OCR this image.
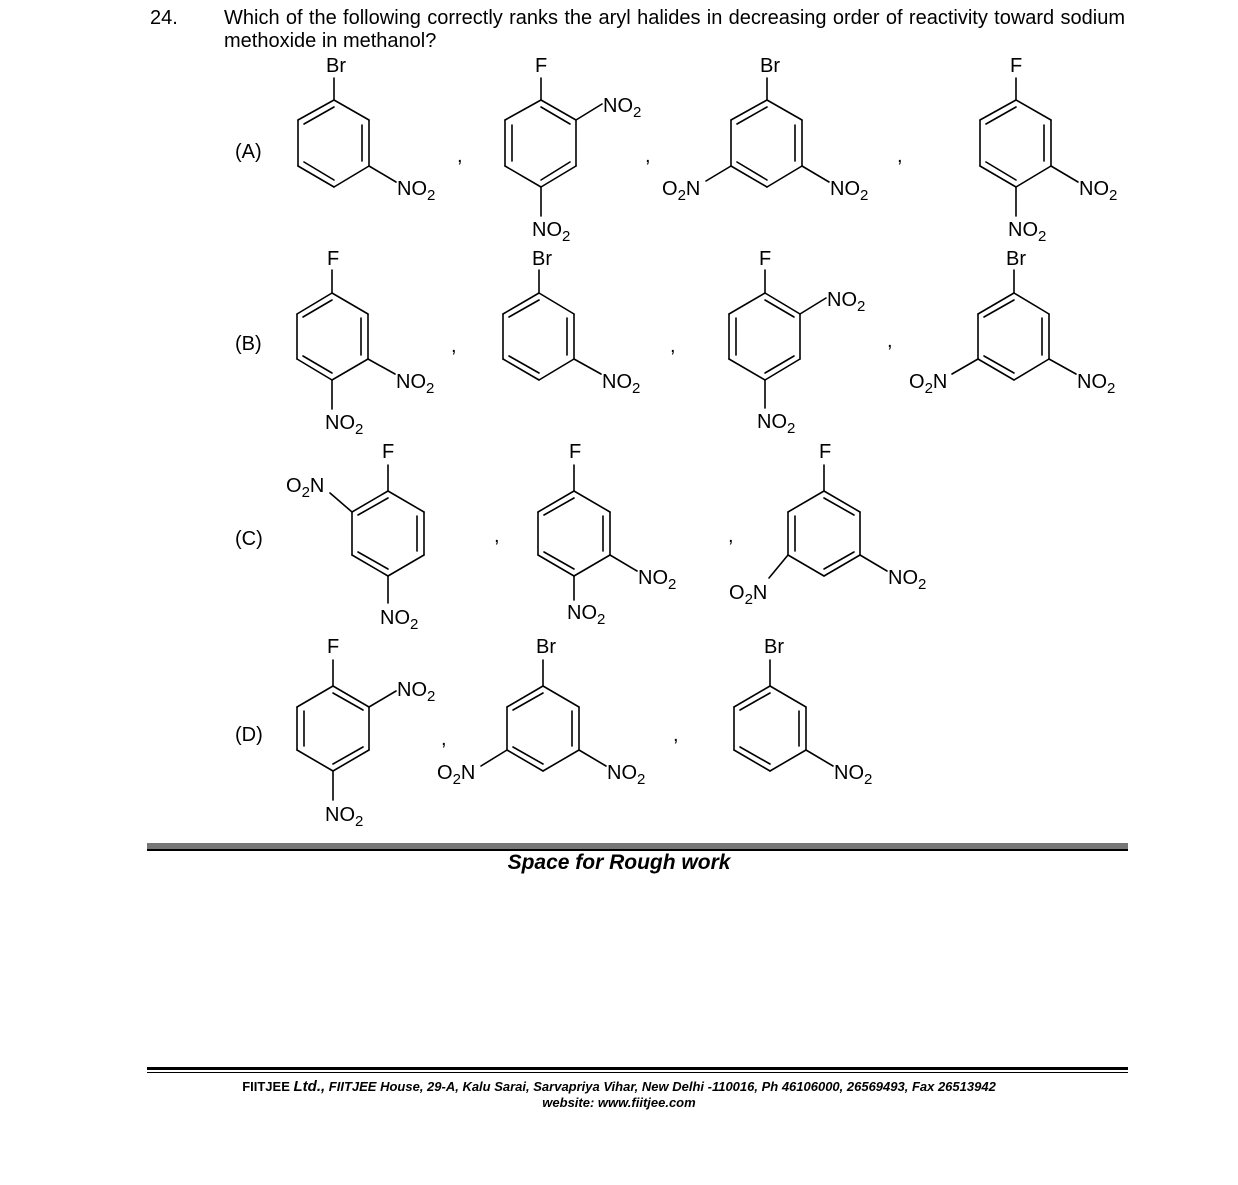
24. Which of the following correctly ranks the aryl halides in decreasing order of reactivity toward sodium methoxide in methanol?
(A)
Br
$NO_2$
,
F
$NO_2$
$NO_2$
,
Br
$NO_2$
$O_2N$
,
F
$NO_2$
$NO_2$
(B)
F
$NO_2$
$NO_2$
,
Br
$NO_2$
,
F
$NO_2$
$NO_2$
,
Br
$NO_2$
$O_2N$
(C)
F
$O_2N$
$NO_2$
,
F
$NO_2$
$NO_2$
,
F
$NO_2$
$O_2N$
(D)
F
$NO_2$
$NO_2$
,
Br
$NO_2$
$O_2N$
,
Br
$NO_2$
Space for Rough work
FIITJEE Ltd., FIITJEE House, 29-A, Kalu Sarai, Sarvapriya Vihar, New Delhi -110016, Ph 46106000, 26569493, Fax 26513942
website: www.fiitjee.com
